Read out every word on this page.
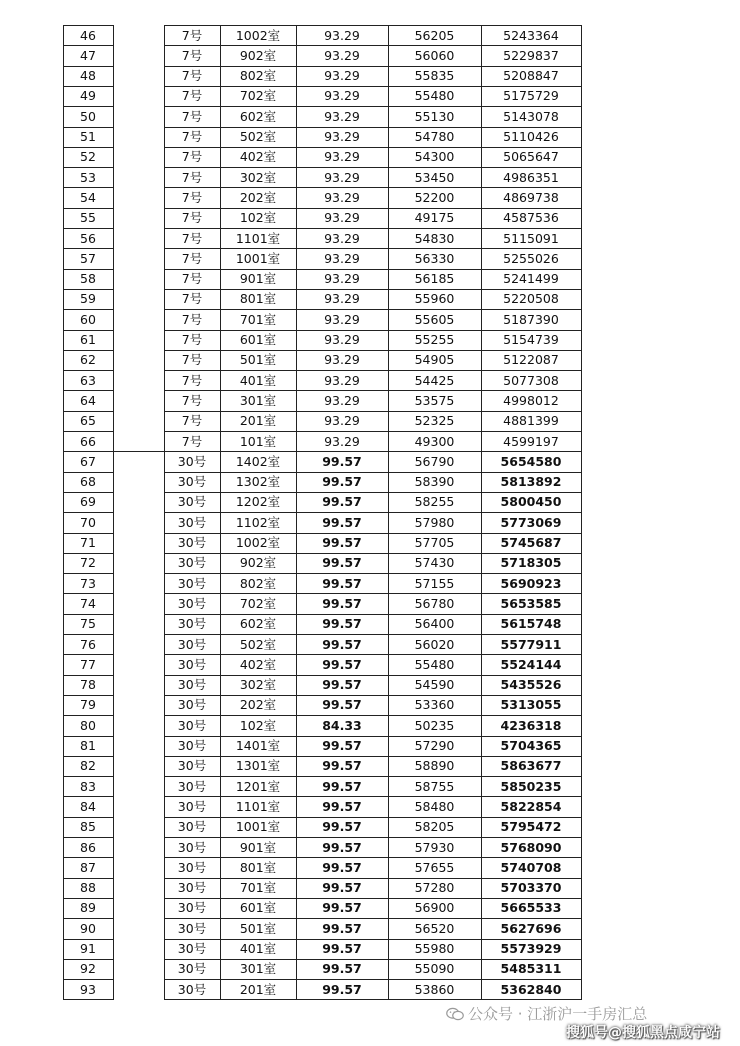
46	7号	1002室	93.29	56205	5243364
47	7号	902室	93.29	56060	5229837
48	7号	802室	93.29	55835	5208847
49	7号	702室	93.29	55480	5175729
50	7号	602室	93.29	55130	5143078
51	7号	502室	93.29	54780	5110426
52	7号	402室	93.29	54300	5065647
53	7号	302室	93.29	53450	4986351
54	7号	202室	93.29	52200	4869738
55	7号	102室	93.29	49175	4587536
56	7号	1101室	93.29	54830	5115091
57	7号	1001室	93.29	56330	5255026
58	7号	901室	93.29	56185	5241499
59	7号	801室	93.29	55960	5220508
60	7号	701室	93.29	55605	5187390
61	7号	601室	93.29	55255	5154739
62	7号	501室	93.29	54905	5122087
63	7号	401室	93.29	54425	5077308
64	7号	301室	93.29	53575	4998012
65	7号	201室	93.29	52325	4881399
66	7号	101室	93.29	49300	4599197
67	30号	1402室	99.57	56790	5654580
68	30号	1302室	99.57	58390	5813892
69	30号	1202室	99.57	58255	5800450
70	30号	1102室	99.57	57980	5773069
71	30号	1002室	99.57	57705	5745687
72	30号	902室	99.57	57430	5718305
73	30号	802室	99.57	57155	5690923
74	30号	702室	99.57	56780	5653585
75	30号	602室	99.57	56400	5615748
76	30号	502室	99.57	56020	5577911
77	30号	402室	99.57	55480	5524144
78	30号	302室	99.57	54590	5435526
79	30号	202室	99.57	53360	5313055
80	30号	102室	84.33	50235	4236318
81	30号	1401室	99.57	57290	5704365
82	30号	1301室	99.57	58890	5863677
83	30号	1201室	99.57	58755	5850235
84	30号	1101室	99.57	58480	5822854
85	30号	1001室	99.57	58205	5795472
86	30号	901室	99.57	57930	5768090
87	30号	801室	99.57	57655	5740708
88	30号	701室	99.57	57280	5703370
89	30号	601室	99.57	56900	5665533
90	30号	501室	99.57	56520	5627696
91	30号	401室	99.57	55980	5573929
92	30号	301室	99.57	55090	5485311
93	30号	201室	99.57	53860	5362840
公众号 · 江浙沪一手房汇总
搜狐号@搜狐黑点咸宁站
